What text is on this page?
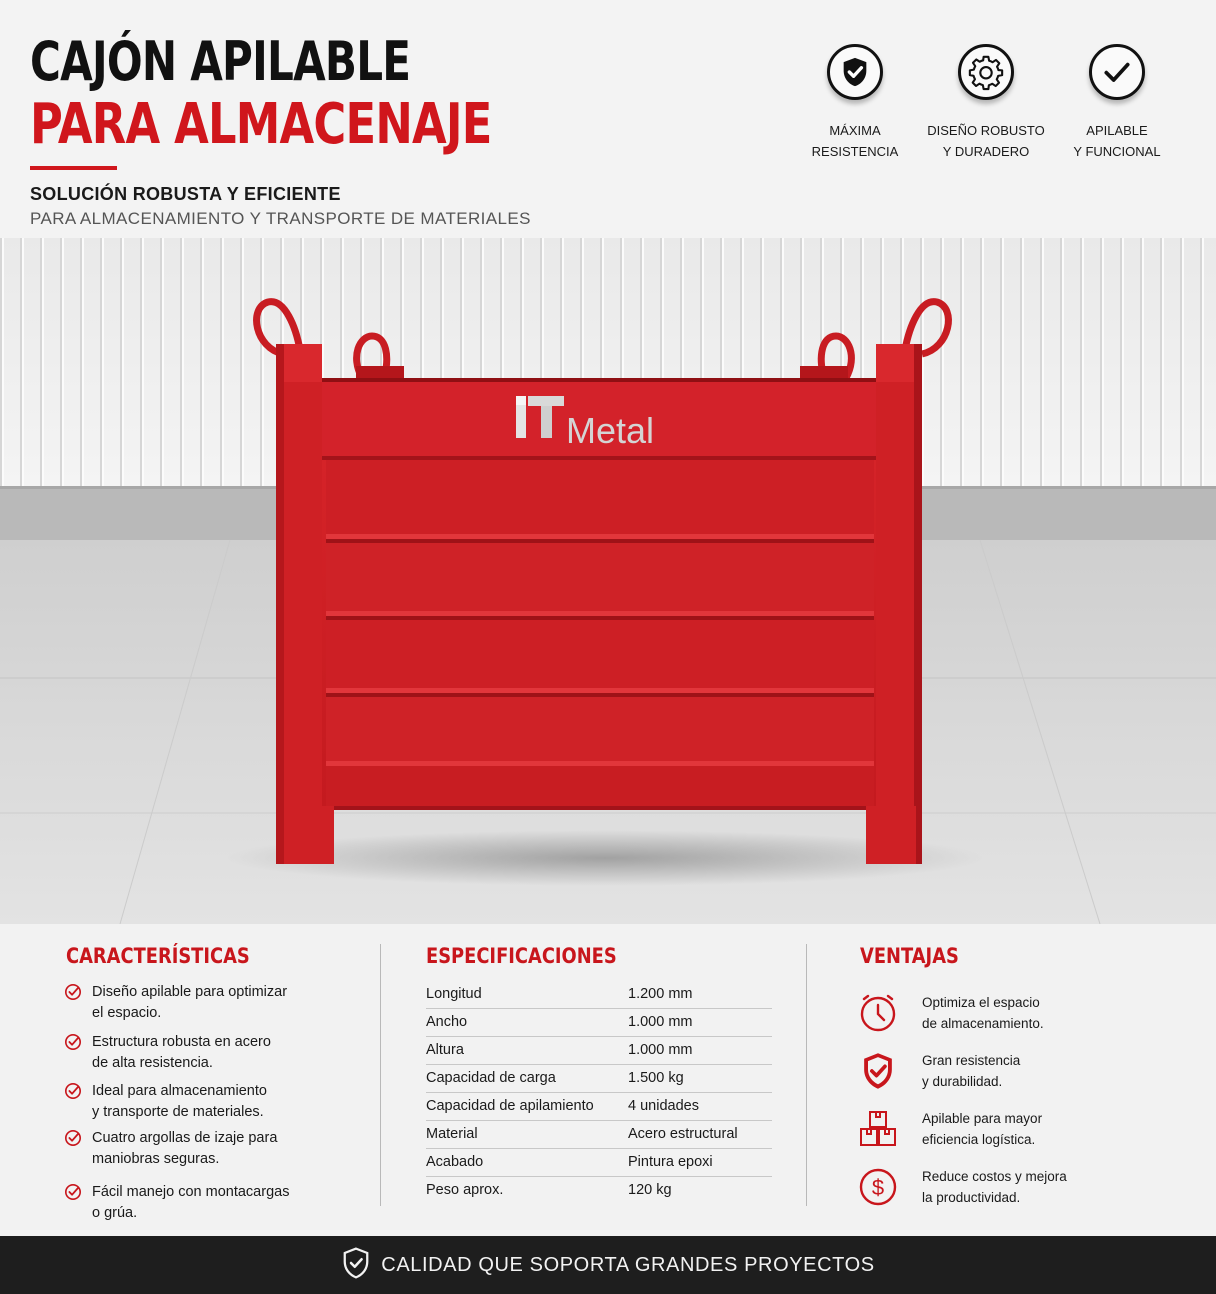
CAJÓN APILABLE
PARA ALMACENAJE
SOLUCIÓN ROBUSTA Y EFICIENTE
PARA ALMACENAMIENTO Y TRANSPORTE DE MATERIALES
MÁXIMA
RESISTENCIA
DISEÑO ROBUSTO
Y DURADERO
APILABLE
Y FUNCIONAL
Metal
CARACTERÍSTICAS
Diseño apilable para optimizar
el espacio.
Estructura robusta en acero
de alta resistencia.
Ideal para almacenamiento
y transporte de materiales.
Cuatro argollas de izaje para
maniobras seguras.
Fácil manejo con montacargas
o grúa.
ESPECIFICACIONES
Longitud	1.200 mm
Ancho	1.000 mm
Altura	1.000 mm
Capacidad de carga	1.500 kg
Capacidad de apilamiento	4 unidades
Material	Acero estructural
Acabado	Pintura epoxi
Peso aprox.	120 kg
VENTAJAS
Optimiza el espacio
de almacenamiento.
Gran resistencia
y durabilidad.
Apilable para mayor
eficiencia logística.
$	Reduce costos y mejora
la productividad.
CALIDAD QUE SOPORTA GRANDES PROYECTOS
